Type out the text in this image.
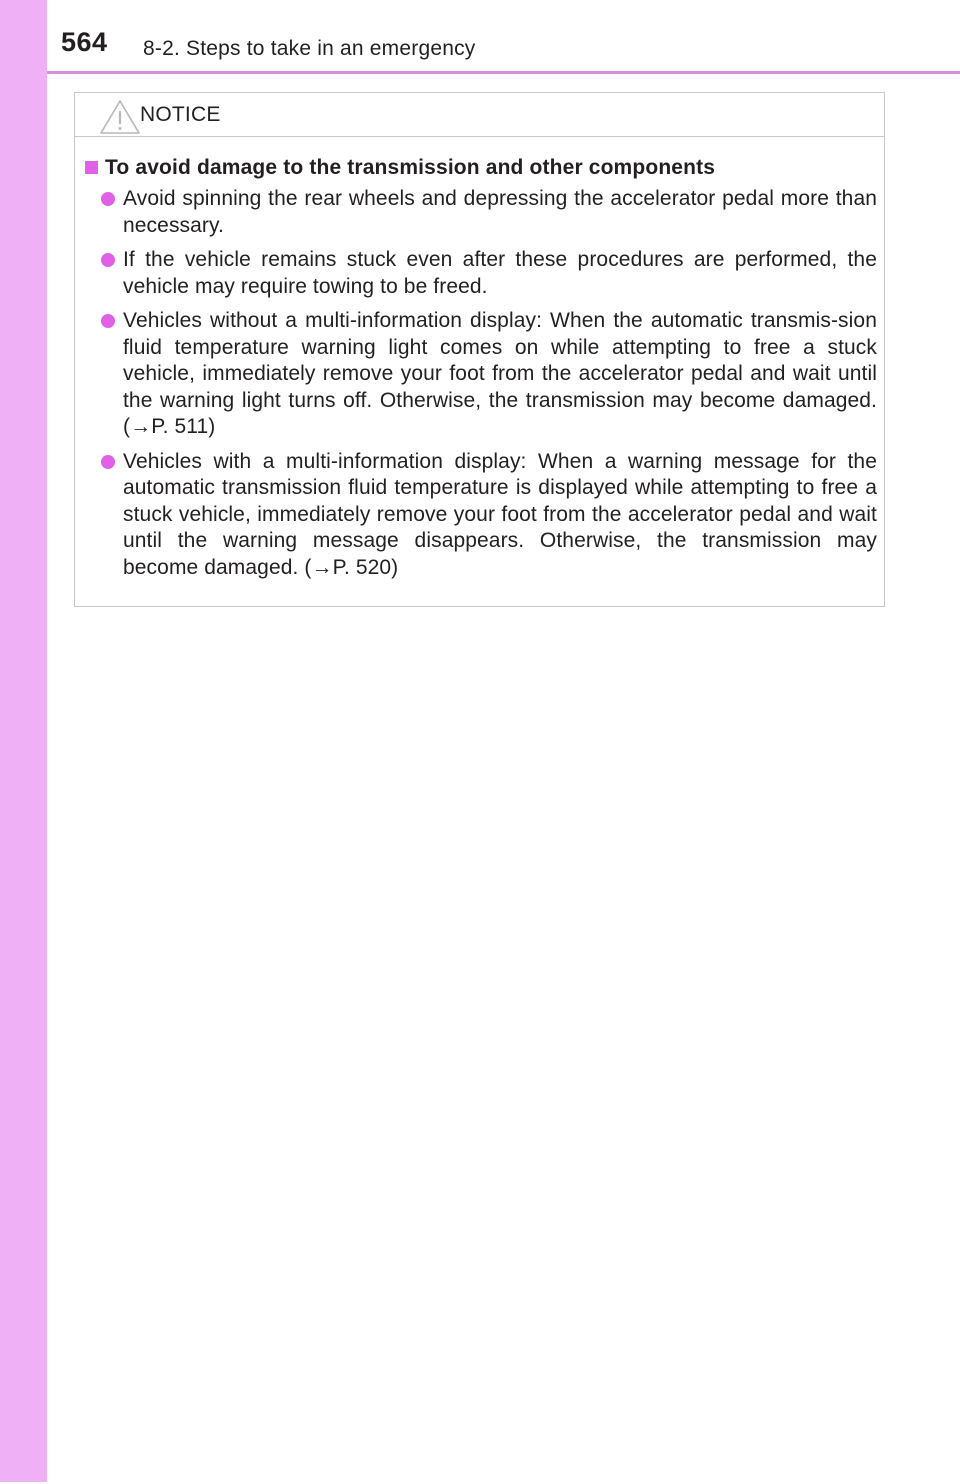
564 8-2. Steps to take in an emergency
NOTICE
To avoid damage to the transmission and other components
Avoid spinning the rear wheels and depressing the accelerator pedal more than necessary.
If the vehicle remains stuck even after these procedures are performed, the vehicle may require towing to be freed.
Vehicles without a multi-information display: When the automatic transmis-sion fluid temperature warning light comes on while attempting to free a stuck vehicle, immediately remove your foot from the accelerator pedal and wait until the warning light turns off. Otherwise, the transmission may become damaged. (→P. 511)
Vehicles with a multi-information display: When a warning message for the automatic transmission fluid temperature is displayed while attempting to free a stuck vehicle, immediately remove your foot from the accelerator pedal and wait until the warning message disappears. Otherwise, the transmission may become damaged. (→P. 520)
